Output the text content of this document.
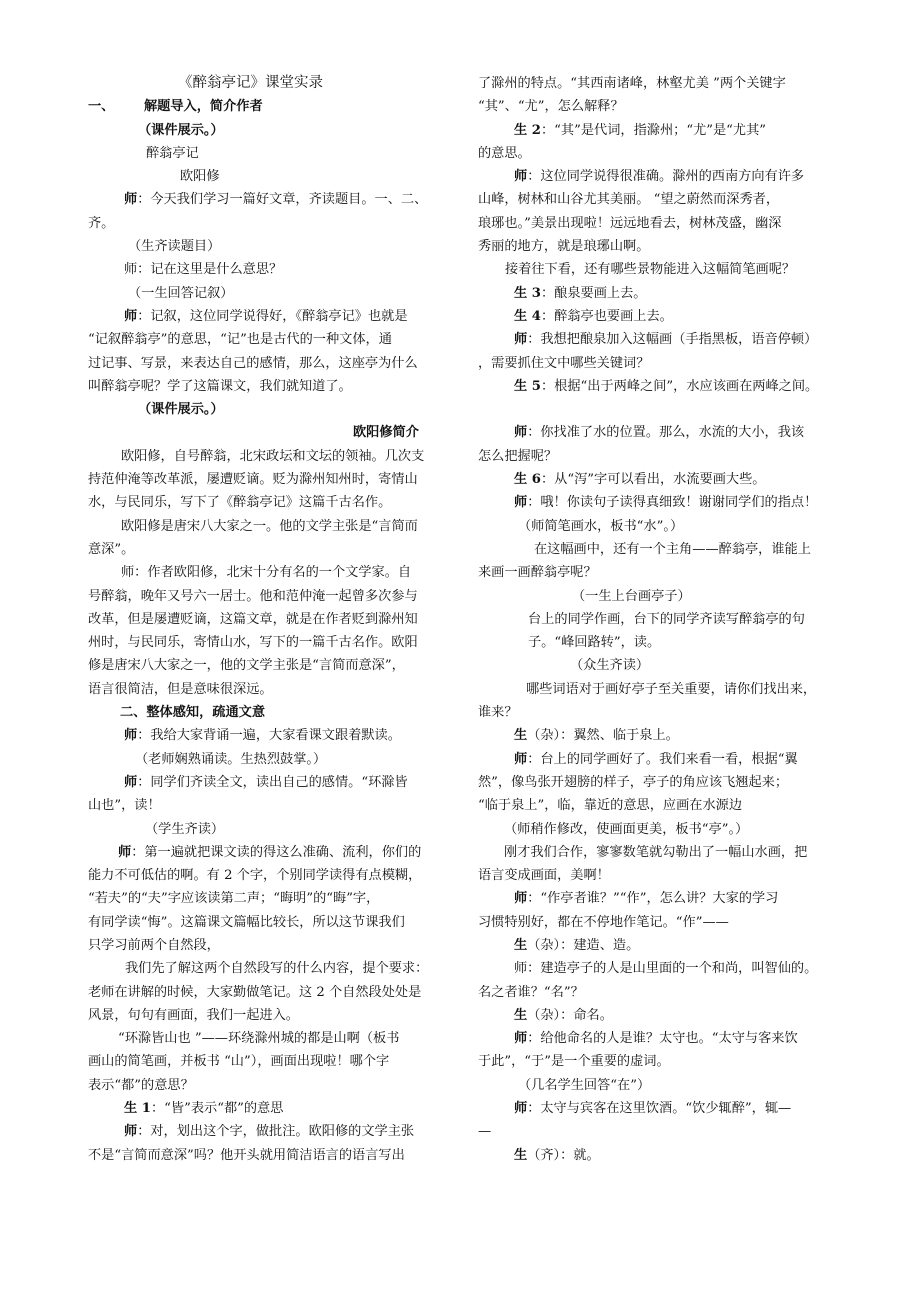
《醉翁亭记》课堂实录
一、	解题导入，简介作者
（课件展示。）
醉翁亭记
欧阳修
师：今天我们学习一篇好文章，齐读题目。一、二、
齐。
（生齐读题目）
师：记在这里是什么意思？
（一生回答记叙）
师：记叙，这位同学说得好，《醉翁亭记》也就是
“记叙醉翁亭”的意思，“记”也是古代的一种文体，通
过记事、写景，来表达自己的感情，那么，这座亭为什么
叫醉翁亭呢？学了这篇课文，我们就知道了。
（课件展示。）
欧阳修简介
欧阳修，自号醉翁，北宋政坛和文坛的领袖。几次支
持范仲淹等改革派，屡遭贬谪。贬为滁州知州时，寄情山
水，与民同乐，写下了《醉翁亭记》这篇千古名作。
欧阳修是唐宋八大家之一。他的文学主张是“言简而
意深”。
师：作者欧阳修，北宋十分有名的一个文学家。自
号醉翁，晚年又号六一居士。他和范仲淹一起曾多次参与
改革，但是屡遭贬谪，这篇文章，就是在作者贬到滁州知
州时，与民同乐，寄情山水，写下的一篇千古名作。欧阳
修是唐宋八大家之一，他的文学主张是“言简而意深”，
语言很简洁，但是意味很深远。
二、整体感知，疏通文意
师：我给大家背诵一遍，大家看课文跟着默读。
（老师娴熟诵读。生热烈鼓掌。）
师：同学们齐读全文，读出自己的感情。“环滁皆
山也”，读！
（学生齐读）
师：第一遍就把课文读的得这么准确、流利，你们的
能力不可低估的啊。有 2 个字，个别同学读得有点模糊，
“若夫”的“夫”字应该读第二声；“晦明”的“晦”字，
有同学读“悔”。这篇课文篇幅比较长，所以这节课我们
只学习前两个自然段，
我们先了解这两个自然段写的什么内容，提个要求：
老师在讲解的时候，大家勤做笔记。这 2 个自然段处处是
风景，句句有画面，我们一起进入。
“环滁皆山也 ”——环绕滁州城的都是山啊（板书
画山的简笔画，并板书 “山”），画面出现啦！哪个字
表示“都”的意思？
生 1：“皆”表示“都”的意思
师：对，划出这个字，做批注。欧阳修的文学主张
不是“言简而意深”吗？他开头就用简洁语言的语言写出
了滁州的特点。“其西南诸峰，林壑尤美 ”两个关键字
“其”、“尤”，怎么解释？
生 2：“其”是代词，指滁州；“尤”是“尤其”
的意思。
师：这位同学说得很准确。滁州的西南方向有许多
山峰，树林和山谷尤其美丽。 “望之蔚然而深秀者，
琅琊也。”美景出现啦！远远地看去，树林茂盛，幽深
秀丽的地方，就是琅琊山啊。
接着往下看，还有哪些景物能进入这幅简笔画呢？
生 3：酿泉要画上去。
生 4：醉翁亭也要画上去。
师：我想把酿泉加入这幅画（手指黑板，语音停顿）
，需要抓住文中哪些关键词？
生 5：根据“出于两峰之间”，水应该画在两峰之间。
师：你找准了水的位置。那么，水流的大小，我该
怎么把握呢？
生 6：从“泻”字可以看出，水流要画大些。
师：哦！你读句子读得真细致！谢谢同学们的指点！
（师简笔画水，板书“水”。）
在这幅画中，还有一个主角——醉翁亭，谁能上
来画一画醉翁亭呢？
（一生上台画亭子）
台上的同学作画，台下的同学齐读写醉翁亭的句
子。“峰回路转”，读。
（众生齐读）
哪些词语对于画好亭子至关重要，请你们找出来，
谁来？
生（杂）：翼然、临于泉上。
师：台上的同学画好了。我们来看一看，根据“翼
然”，像鸟张开翅膀的样子，亭子的角应该飞翘起来；
“临于泉上”，临，靠近的意思，应画在水源边
（师稍作修改，使画面更美，板书“亭”。）
刚才我们合作，寥寥数笔就勾勒出了一幅山水画，把
语言变成画面，美啊！
师：“作亭者谁？”“作”，怎么讲？大家的学习
习惯特别好，都在不停地作笔记。“作”——
生（杂）：建造、造。
师：建造亭子的人是山里面的一个和尚，叫智仙的。
名之者谁？“名”？
生（杂）：命名。
师：给他命名的人是谁？太守也。“太守与客来饮
于此”，“于”是一个重要的虚词。
（几名学生回答“在”）
师：太守与宾客在这里饮酒。“饮少辄醉”，辄—
—
生（齐）：就。
